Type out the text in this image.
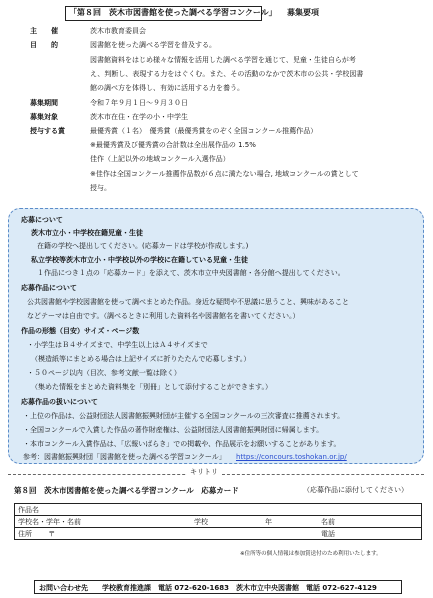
「第８回　茨木市図書館を使った調べる学習コンクール」 募集要項
主　　催	茨木市教育委員会
目　　的	図書館を使った調べる学習を普及する。
図書館資料をはじめ様々な情報を活用した調べる学習を通じて、児童・生徒自らが考
え、判断し、表現する力をはぐくむ。また、その活動のなかで茨木市の公共・学校図書
館の調べ方を体得し、有効に活用する力を養う。
募集期間	令和７年９月１日～９月３０日
募集対象	茨木市在住・在学の小・中学生
授与する賞	最優秀賞（１名）　優秀賞（最優秀賞をのぞく全国コンクール推薦作品）
※最優秀賞及び優秀賞の合計数は全出展作品の 1.5%
佳作（上記以外の地域コンクール入選作品）
※佳作は全国コンクール推薦作品数が６点に満たない場合, 地域コンクールの賞として
授与。
応募について
茨木市立小・中学校在籍児童・生徒
在籍の学校へ提出してください。(応募カードは学校が作成します。)
私立学校等茨木市立小・中学校以外の学校に在籍している児童・生徒
１作品につき１点の「応募カード」を添えて、茨木市立中央図書館・各分館へ提出してください。
応募作品について
公共図書館や学校図書館を使って調べまとめた作品。身近な疑問や不思議に思うこと、興味があること
などテーマは自由です。（調べるときに利用した資料名や図書館名を書いてください。）
作品の形態（目安）サイズ・ページ数
・小学生はＢ４サイズまで、中学生以上はＡ４サイズまで
（模造紙等にまとめる場合は上記サイズに折りたたんで応募します。）
・５０ページ以内（目次、参考文献一覧は除く）
（集めた情報をまとめた資料集を「別冊」として添付することができます。）
応募作品の扱いについて
・上位の作品は、公益財団法人図書館振興財団が主催する全国コンクールの三次審査に推薦されます。
・全国コンクールで入賞した作品の著作財産権は、公益財団法人図書館振興財団に帰属します。
・本市コンクール入賞作品は、「広報いばらき」での掲載や、作品展示をお願いすることがあります。
参考：図書館振興財団「図書館を使った調べる学習コンクール」 https://concours.toshokan.or.jp/
キリトリ
第８回　茨木市図書館を使った調べる学習コンクール　応募カード	（応募作品に添付してください）
作品名			
学校名・学年・名前	学校	年	名前
住所 〒			電話
※住所等の個人情報は参加賞送付のため利用いたします。
お問い合わせ先　　学校教育推進課　電話 072-620-1683　茨木市立中央図書館　電話 072-627-4129
